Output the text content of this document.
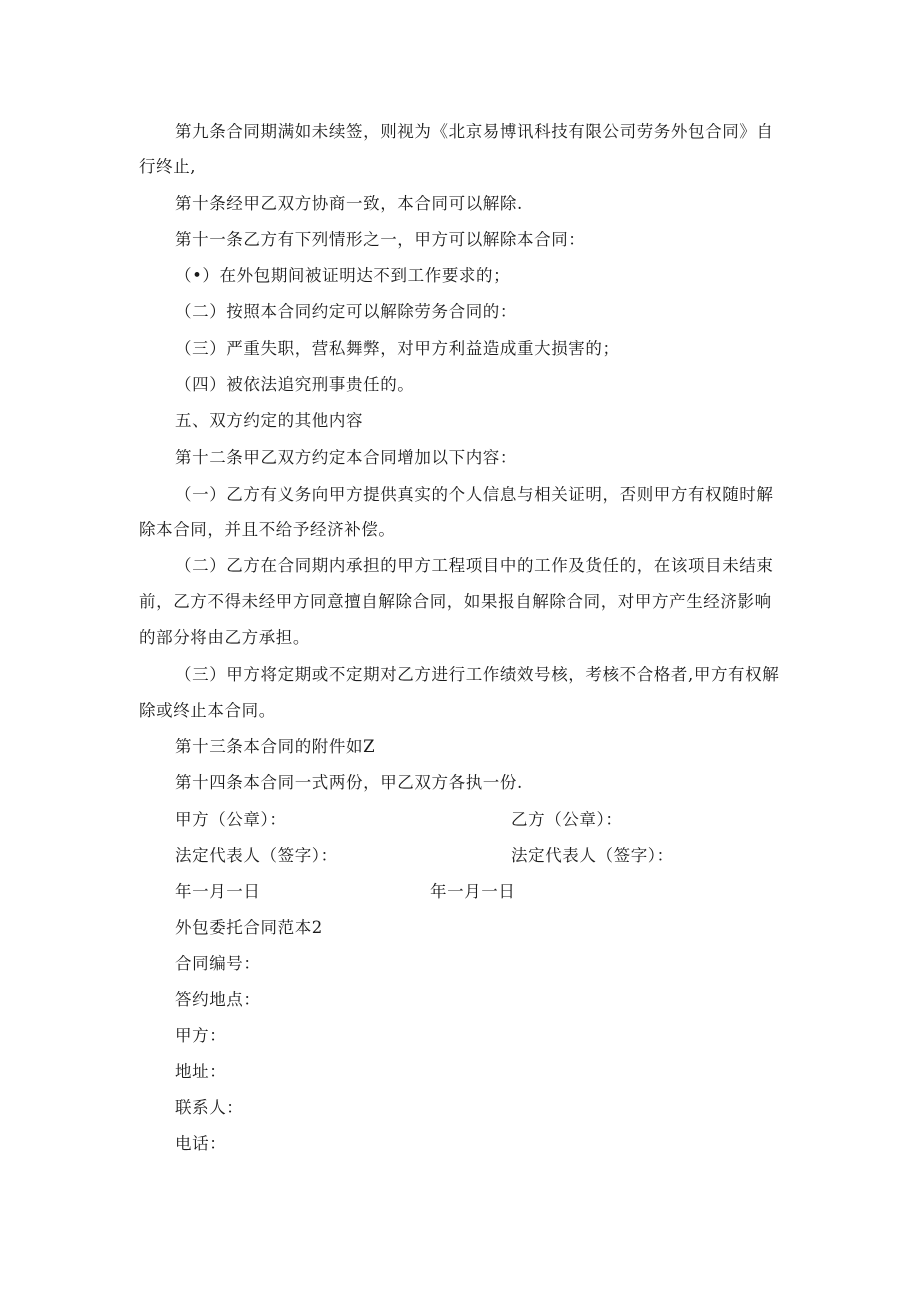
第九条合同期满如未续签，则视为《北京易博讯科技有限公司劳务外包合同》自
行终止,
第十条经甲乙双方协商一致，本合同可以解除.
第十一条乙方有下列情形之一，甲方可以解除本合同：
（•）在外包期间被证明达不到工作要求的；
（二）按照本合同约定可以解除劳务合同的：
（三）严重失职，营私舞弊，对甲方利益造成重大损害的；
（四）被依法追究刑事贵任的。
五、双方约定的其他内容
第十二条甲乙双方约定本合同增加以下内容：
（一）乙方有义务向甲方提供真实的个人信息与相关证明，否则甲方有权随时解
除本合同，并且不给予经济补偿。
（二）乙方在合同期内承担的甲方工程项目中的工作及货任的，在该项目未结束
前，乙方不得未经甲方同意擅自解除合同，如果报自解除合同，对甲方产生经济影响
的部分将由乙方承担。
（三）甲方将定期或不定期对乙方进行工作绩效号核，考核不合格者,甲方有权解
除或终止本合同。
第十三条本合同的附件如Z
第十四条本合同一式两份，甲乙双方各执一份.
甲方（公章）：	乙方（公章）：
法定代表人（签字）：	法定代表人（签字）：
年一月一日	年一月一日
外包委托合同范本2
合同编号：
答约地点：
甲方：
地址：
联系人：
电话：
